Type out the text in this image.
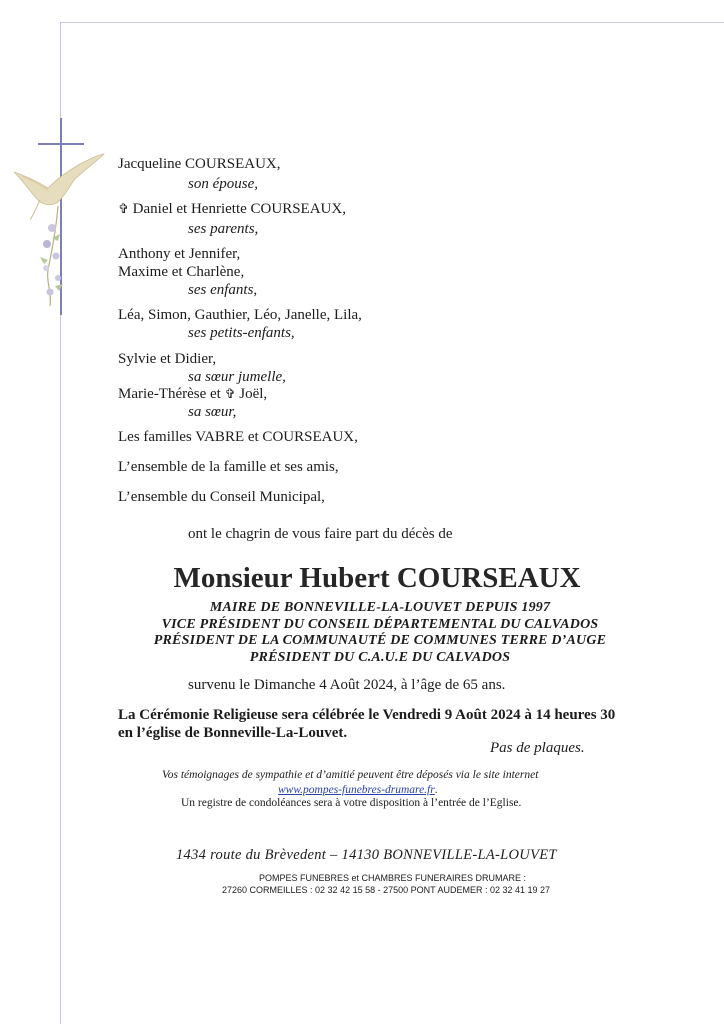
Jacqueline COURSEAUX,
son épouse,
✞ Daniel et Henriette COURSEAUX,
ses parents,
Anthony et Jennifer,
Maxime et Charlène,
ses enfants,
Léa, Simon, Gauthier, Léo, Janelle, Lila,
ses petits-enfants,
Sylvie et Didier,
sa sœur jumelle,
Marie-Thérèse et ✞ Joël,
sa sœur,
Les familles VABRE et COURSEAUX,
L’ensemble de la famille et ses amis,
L’ensemble du Conseil Municipal,
ont le chagrin de vous faire part du décès de
Monsieur Hubert COURSEAUX
MAIRE DE BONNEVILLE-LA-LOUVET DEPUIS 1997
VICE PRÉSIDENT DU CONSEIL DÉPARTEMENTAL DU CALVADOS
PRÉSIDENT DE LA COMMUNAUTÉ DE COMMUNES TERRE D’AUGE
PRÉSIDENT DU C.A.U.E DU CALVADOS
survenu le Dimanche 4 Août 2024, à l’âge de 65 ans.
La Cérémonie Religieuse sera célébrée le Vendredi 9 Août 2024 à 14 heures 30
en l’église de Bonneville-La-Louvet.
Pas de plaques.
Vos témoignages de sympathie et d’amitié peuvent être déposés via le site internet
www.pompes-funebres-drumare.fr.
Un registre de condoléances sera à votre disposition à l’entrée de l’Eglise.
1434 route du Brèvedent – 14130 BONNEVILLE-LA-LOUVET
POMPES FUNEBRES et CHAMBRES FUNERAIRES DRUMARE :
27260 CORMEILLES : 02 32 42 15 58 - 27500 PONT AUDEMER : 02 32 41 19 27
